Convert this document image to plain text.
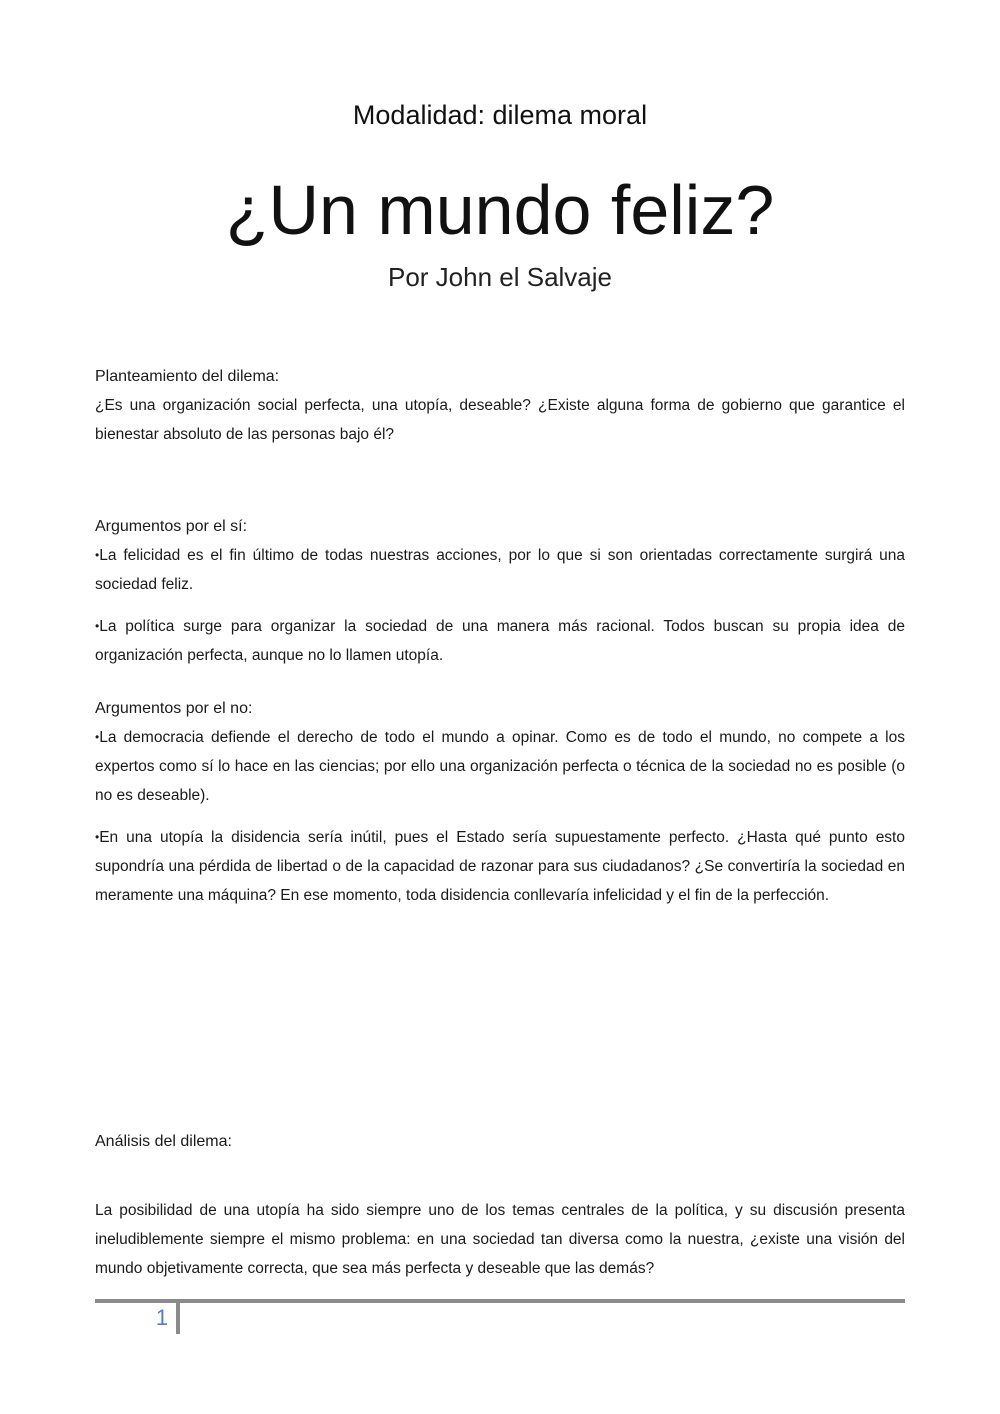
Modalidad: dilema moral
¿Un mundo feliz?
Por John el Salvaje

Planteamiento del dilema:

¿Es una organización social perfecta, una utopía, deseable? ¿Existe alguna forma de gobierno que garantice el bienestar absoluto de las personas bajo él?

Argumentos por el sí:

•La felicidad es el fin último de todas nuestras acciones, por lo que si son orientadas correctamente surgirá una sociedad feliz.

•La política surge para organizar la sociedad de una manera más racional. Todos buscan su propia idea de organización perfecta, aunque no lo llamen utopía.

Argumentos por el no:

•La democracia defiende el derecho de todo el mundo a opinar. Como es de todo el mundo, no compete a los expertos como sí lo hace en las ciencias; por ello una organización perfecta o técnica de la sociedad no es posible (o no es deseable).

•En una utopía la disidencia sería inútil, pues el Estado sería supuestamente perfecto. ¿Hasta qué punto esto supondría una pérdida de libertad o de la capacidad de razonar para sus ciudadanos? ¿Se convertiría la sociedad en meramente una máquina? En ese momento, toda disidencia conllevaría infelicidad y el fin de la perfección.

Análisis del dilema:

La posibilidad de una utopía ha sido siempre uno de los temas centrales de la política, y su discusión presenta ineludiblemente siempre el mismo problema: en una sociedad tan diversa como la nuestra, ¿existe una visión del mundo objetivamente correcta, que sea más perfecta y deseable que las demás?

1
